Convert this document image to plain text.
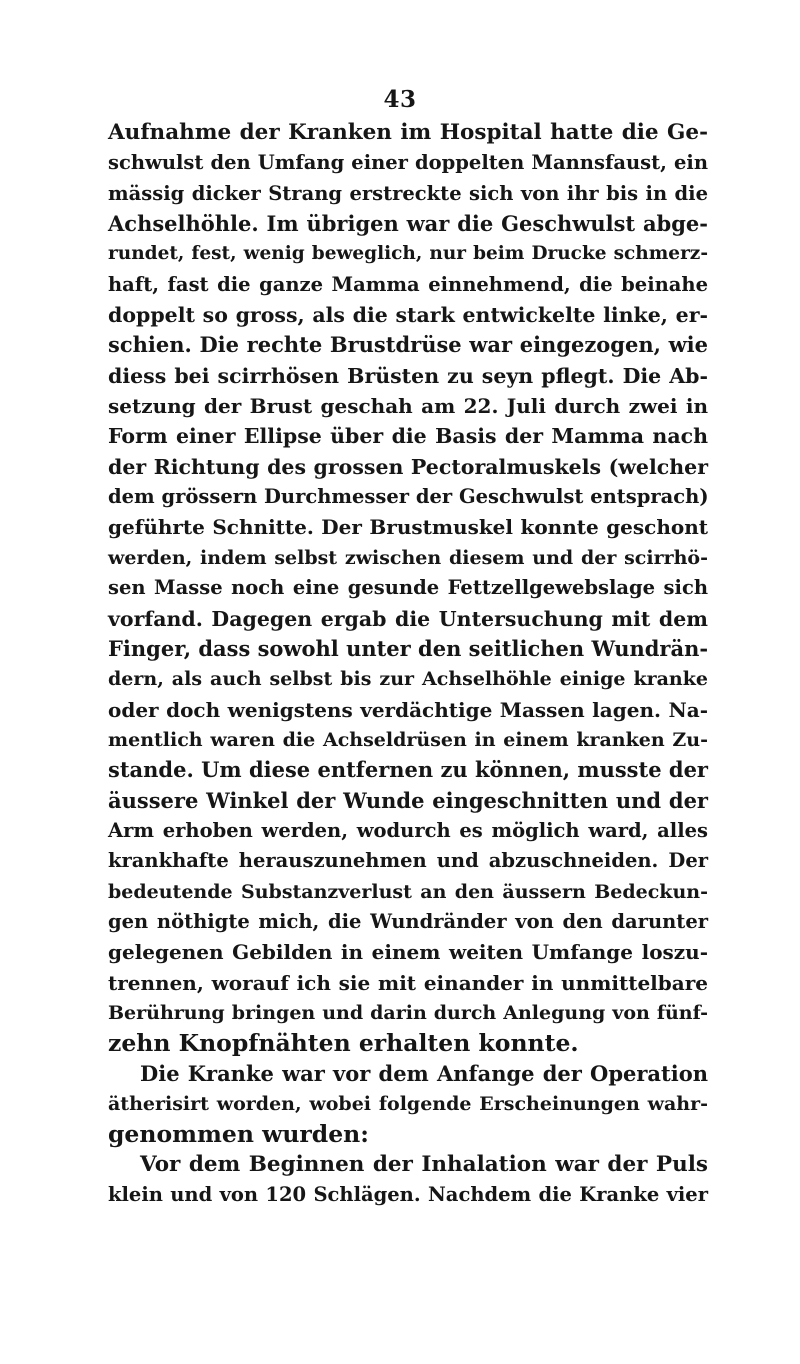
43
Aufnahme der Kranken im Hospital hatte die Ge-
schwulst den Umfang einer doppelten Mannsfaust, ein
mässig dicker Strang erstreckte sich von ihr bis in die
Achselhöhle. Im übrigen war die Geschwulst abge-
rundet, fest, wenig beweglich, nur beim Drucke schmerz-
haft, fast die ganze Mamma einnehmend, die beinahe
doppelt so gross, als die stark entwickelte linke, er-
schien. Die rechte Brustdrüse war eingezogen, wie
diess bei scirrhösen Brüsten zu seyn pflegt. Die Ab-
setzung der Brust geschah am 22. Juli durch zwei in
Form einer Ellipse über die Basis der Mamma nach
der Richtung des grossen Pectoralmuskels (welcher
dem grössern Durchmesser der Geschwulst entsprach)
geführte Schnitte. Der Brustmuskel konnte geschont
werden, indem selbst zwischen diesem und der scirrhö-
sen Masse noch eine gesunde Fettzellgewebslage sich
vorfand. Dagegen ergab die Untersuchung mit dem
Finger, dass sowohl unter den seitlichen Wundrän-
dern, als auch selbst bis zur Achselhöhle einige kranke
oder doch wenigstens verdächtige Massen lagen. Na-
mentlich waren die Achseldrüsen in einem kranken Zu-
stande. Um diese entfernen zu können, musste der
äussere Winkel der Wunde eingeschnitten und der
Arm erhoben werden, wodurch es möglich ward, alles
krankhafte herauszunehmen und abzuschneiden. Der
bedeutende Substanzverlust an den äussern Bedeckun-
gen nöthigte mich, die Wundränder von den darunter
gelegenen Gebilden in einem weiten Umfange loszu-
trennen, worauf ich sie mit einander in unmittelbare
Berührung bringen und darin durch Anlegung von fünf-
zehn Knopfnähten erhalten konnte.
Die Kranke war vor dem Anfange der Operation
ätherisirt worden, wobei folgende Erscheinungen wahr-
genommen wurden:
Vor dem Beginnen der Inhalation war der Puls
klein und von 120 Schlägen. Nachdem die Kranke vier
